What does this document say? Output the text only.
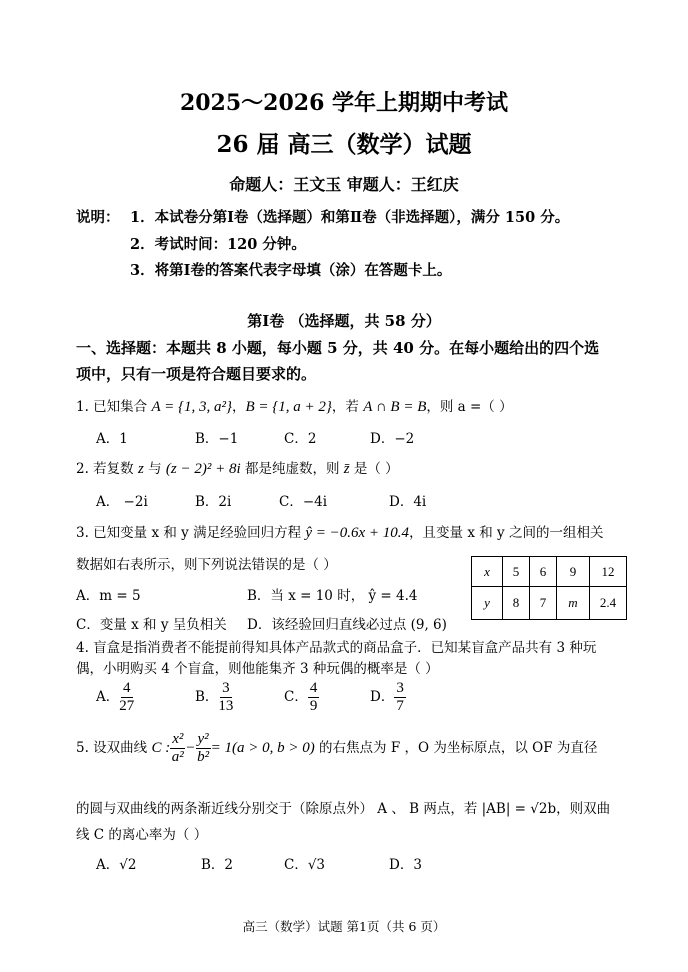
2025～2026 学年上期期中考试
26 届 高三（数学）试题
命题人：王文玉 审题人：王红庆
说明： 1．本试卷分第Ⅰ卷（选择题）和第Ⅱ卷（非选择题），满分 150 分。
2．考试时间：120 分钟。
3．将第Ⅰ卷的答案代表字母填（涂）在答题卡上。
第Ⅰ卷 （选择题，共 58 分）
一、选择题：本题共 8 小题，每小题 5 分，共 40 分。在每小题给出的四个选
项中，只有一项是符合题目要求的。
1. 已知集合 A = {1, 3, a²}，B = {1, a + 2}，若 A ∩ B = B，则 a =（ ）
A．1	B．−1	C．2	D．−2
2. 若复数 z 与 (z − 2)² + 8i 都是纯虚数，则 z̄ 是（ ）
A． −2i	B．2i	C．−4i	D．4i
3. 已知变量 x 和 y 满足经验回归方程 ŷ = −0.6x + 10.4，且变量 x 和 y 之间的一组相关
数据如右表所示，则下列说法错误的是（ ）
A．m = 5	B．当 x = 10 时， ŷ = 4.4
C．变量 x 和 y 呈负相关 D．该经验回归直线必过点 (9, 6)
x	5	6	9	12
y	8	7	m	2.4
4. 盲盒是指消费者不能提前得知具体产品款式的商品盒子．已知某盲盒产品共有 3 种玩
偶，小明购买 4 个盲盒，则他能集齐 3 种玩偶的概率是（ ）
A． $\frac{4}{27}$	B． $\frac{3}{13}$	C． $\frac{4}{9}$	D． $\frac{3}{7}$
5. 设双曲线 C : $\frac{\text{x²}}{\text{a²}} - \frac{\text{y²}}{\text{b²}} = 1(a > 0$, b > 0) 的右焦点为 F ，O 为坐标原点，以 OF 为直径
的圆与双曲线的两条渐近线分别交于（除原点外） A 、 B 两点，若 |AB| = √2b，则双曲
线 C 的离心率为（ ）
A．√2	B．2	C．√3	D．3
高三（数学）试题 第1页（共 6 页）
